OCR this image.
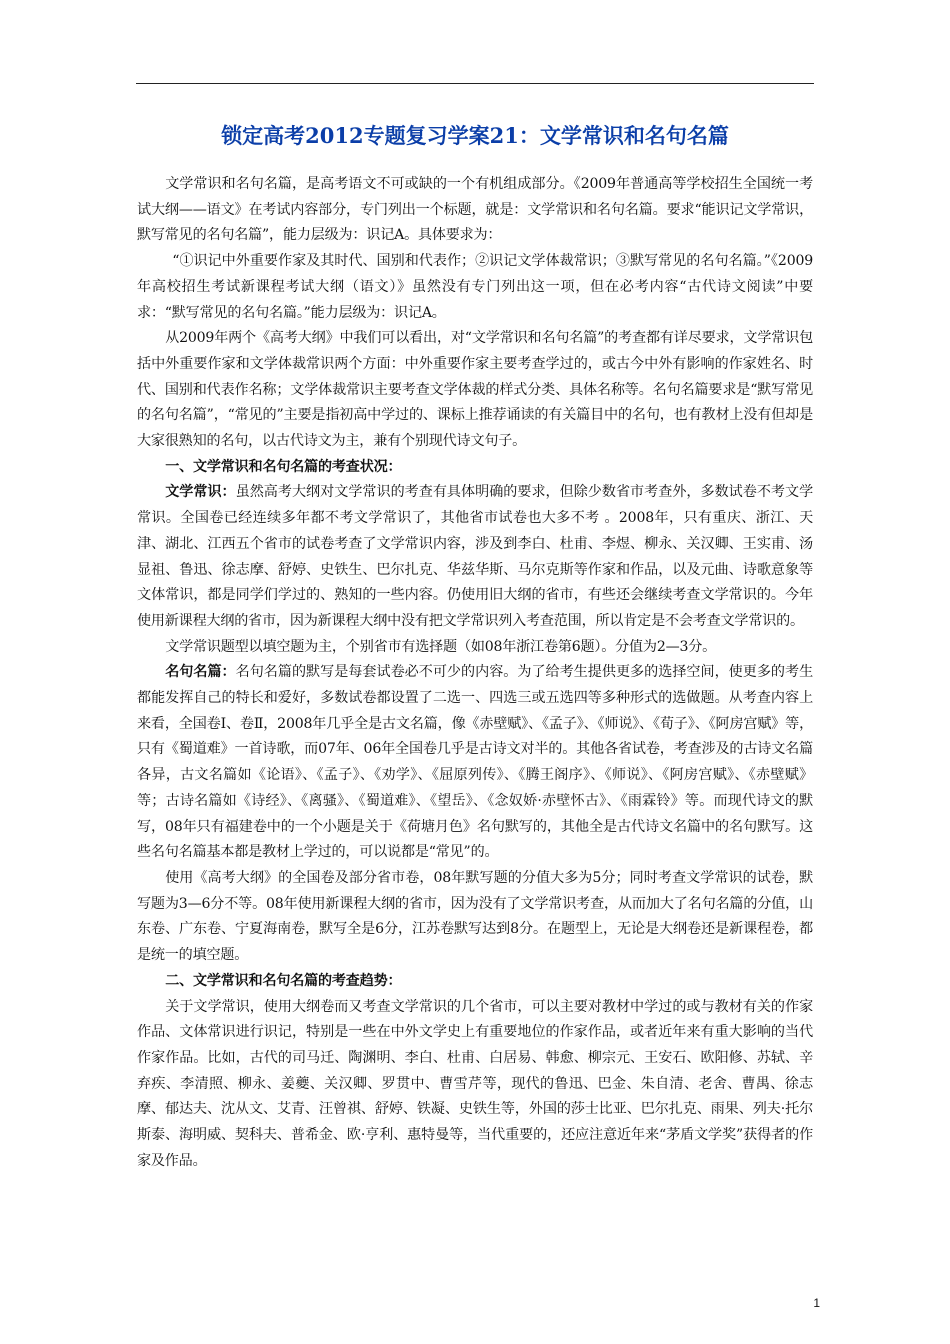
锁定高考2012专题复习学案21：文学常识和名句名篇

文学常识和名句名篇，是高考语文不可或缺的一个有机组成部分。《2009年普通高等学校招生全国统一考试大纲——语文》在考试内容部分，专门列出一个标题，就是：文学常识和名句名篇。要求“能识记文学常识，默写常见的名句名篇”，能力层级为：识记A。具体要求为：

“①识记中外重要作家及其时代、国别和代表作；②识记文学体裁常识；③默写常见的名句名篇。”《2009年高校招生考试新课程考试大纲（语文）》虽然没有专门列出这一项，但在必考内容“古代诗文阅读”中要求：“默写常见的名句名篇。”能力层级为：识记A。

从2009年两个《高考大纲》中我们可以看出，对“文学常识和名句名篇”的考查都有详尽要求，文学常识包括中外重要作家和文学体裁常识两个方面：中外重要作家主要考查学过的，或古今中外有影响的作家姓名、时代、国别和代表作名称；文学体裁常识主要考查文学体裁的样式分类、具体名称等。名句名篇要求是“默写常见的名句名篇”，“常见的”主要是指初高中学过的、课标上推荐诵读的有关篇目中的名句，也有教材上没有但却是大家很熟知的名句，以古代诗文为主，兼有个别现代诗文句子。

一、文学常识和名句名篇的考查状况：

文学常识：虽然高考大纲对文学常识的考查有具体明确的要求，但除少数省市考查外，多数试卷不考文学常识。全国卷已经连续多年都不考文学常识了，其他省市试卷也大多不考 。2008年，只有重庆、浙江、天津、湖北、江西五个省市的试卷考查了文学常识内容，涉及到李白、杜甫、李煜、柳永、关汉卿、王实甫、汤显祖、鲁迅、徐志摩、舒婷、史铁生、巴尔扎克、华兹华斯、马尔克斯等作家和作品，以及元曲、诗歌意象等文体常识，都是同学们学过的、熟知的一些内容。仍使用旧大纲的省市，有些还会继续考查文学常识的。今年使用新课程大纲的省市，因为新课程大纲中没有把文学常识列入考查范围，所以肯定是不会考查文学常识的。

文学常识题型以填空题为主，个别省市有选择题（如08年浙江卷第6题）。分值为2—3分。

名句名篇：名句名篇的默写是每套试卷必不可少的内容。为了给考生提供更多的选择空间，使更多的考生都能发挥自己的特长和爱好，多数试卷都设置了二选一、四选三或五选四等多种形式的选做题。从考查内容上来看，全国卷Ⅰ、卷Ⅱ，2008年几乎全是古文名篇，像《赤壁赋》、《孟子》、《师说》、《荀子》、《阿房宫赋》等，只有《蜀道难》一首诗歌，而07年、06年全国卷几乎是古诗文对半的。其他各省试卷，考查涉及的古诗文名篇各异，古文名篇如《论语》、《孟子》、《劝学》、《屈原列传》、《腾王阁序》、《师说》、《阿房宫赋》、《赤壁赋》等；古诗名篇如《诗经》、《离骚》、《蜀道难》、《望岳》、《念奴娇·赤壁怀古》、《雨霖铃》等。而现代诗文的默写，08年只有福建卷中的一个小题是关于《荷塘月色》名句默写的，其他全是古代诗文名篇中的名句默写。这些名句名篇基本都是教材上学过的，可以说都是“常见”的。

使用《高考大纲》的全国卷及部分省市卷，08年默写题的分值大多为5分；同时考查文学常识的试卷，默写题为3—6分不等。08年使用新课程大纲的省市，因为没有了文学常识考查，从而加大了名句名篇的分值，山东卷、广东卷、宁夏海南卷，默写全是6分，江苏卷默写达到8分。在题型上，无论是大纲卷还是新课程卷，都是统一的填空题。

二、文学常识和名句名篇的考查趋势：

关于文学常识，使用大纲卷而又考查文学常识的几个省市，可以主要对教材中学过的或与教材有关的作家作品、文体常识进行识记，特别是一些在中外文学史上有重要地位的作家作品，或者近年来有重大影响的当代作家作品。比如，古代的司马迁、陶渊明、李白、杜甫、白居易、韩愈、柳宗元、王安石、欧阳修、苏轼、辛弃疾、李清照、柳永、姜夔、关汉卿、罗贯中、曹雪芹等，现代的鲁迅、巴金、朱自清、老舍、曹禺、徐志摩、郁达夫、沈从文、艾青、汪曾祺、舒婷、铁凝、史铁生等，外国的莎士比亚、巴尔扎克、雨果、列夫·托尔斯泰、海明威、契科夫、普希金、欧·亨利、惠特曼等，当代重要的，还应注意近年来“茅盾文学奖”获得者的作家及作品。

1
